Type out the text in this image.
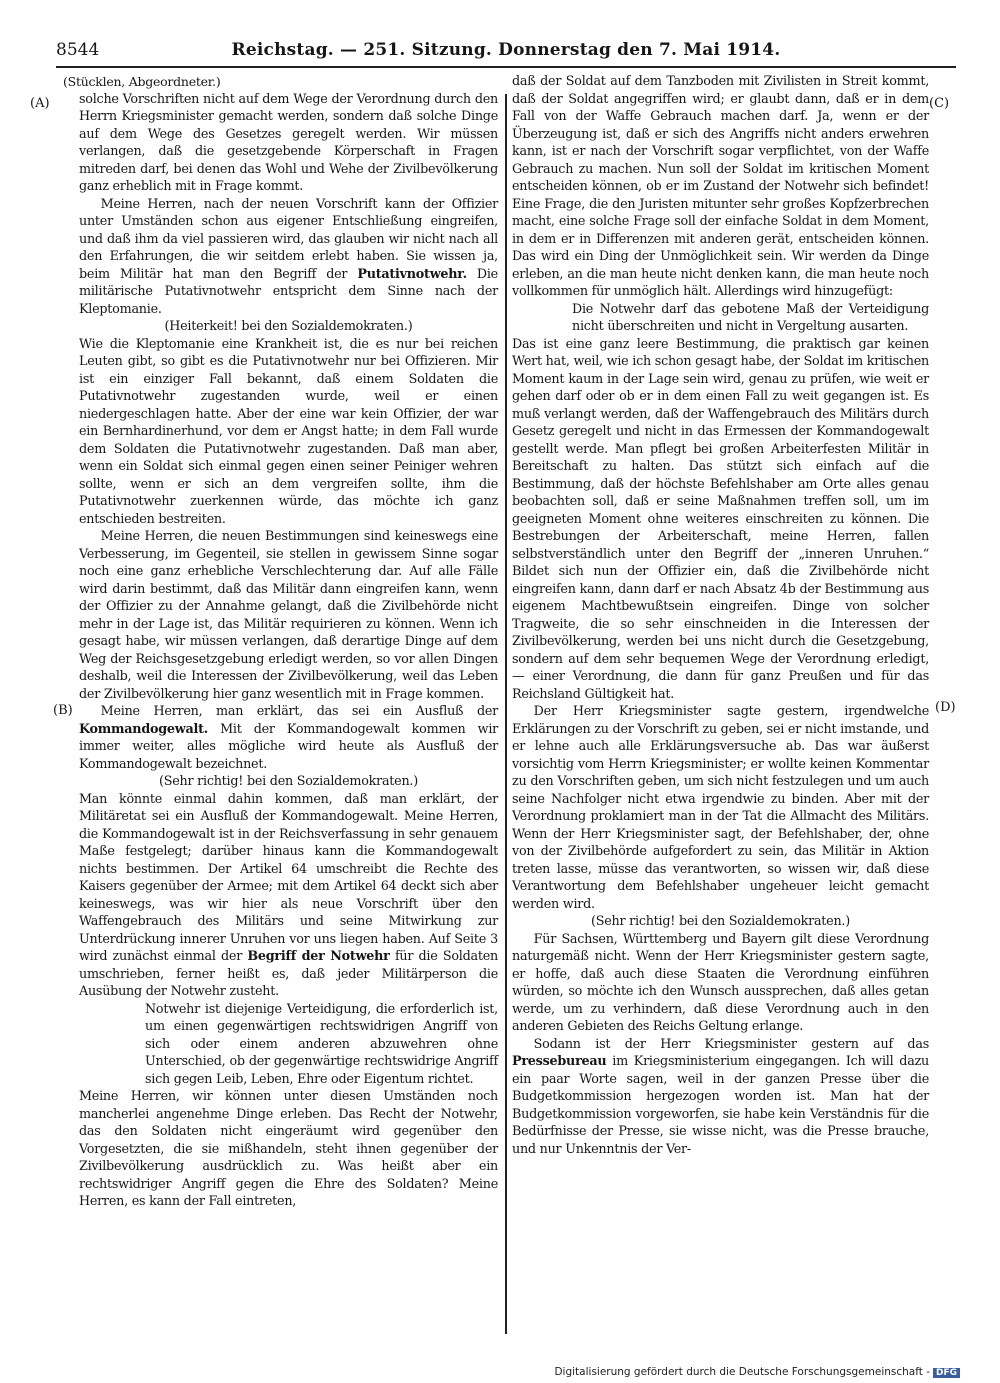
8544	Reichstag. — 251. Sitzung. Donnerstag den 7. Mai 1914.
(A)
(B)
(C)
(D)

(Stücklen, Abgeordneter.)

solche Vorschriften nicht auf dem Wege der Verordnung durch den Herrn Kriegsminister gemacht werden, sondern daß solche Dinge auf dem Wege des Gesetzes geregelt werden. Wir müssen verlangen, daß die gesetzgebende Körperschaft in Fragen mitreden darf, bei denen das Wohl und Wehe der Zivilbevölkerung ganz erheblich mit in Frage kommt.

Meine Herren, nach der neuen Vorschrift kann der Offizier unter Umständen schon aus eigener Entschließung eingreifen, und daß ihm da viel passieren wird, das glauben wir nicht nach all den Erfahrungen, die wir seitdem erlebt haben. Sie wissen ja, beim Militär hat man den Begriff der Putativnotwehr. Die militärische Putativnotwehr entspricht dem Sinne nach der Kleptomanie.

(Heiterkeit! bei den Sozialdemokraten.)

Wie die Kleptomanie eine Krankheit ist, die es nur bei reichen Leuten gibt, so gibt es die Putativnotwehr nur bei Offizieren. Mir ist ein einziger Fall bekannt, daß einem Soldaten die Putativnotwehr zugestanden wurde, weil er einen niedergeschlagen hatte. Aber der eine war kein Offizier, der war ein Bernhardinerhund, vor dem er Angst hatte; in dem Fall wurde dem Soldaten die Putativnotwehr zugestanden. Daß man aber, wenn ein Soldat sich einmal gegen einen seiner Peiniger wehren sollte, wenn er sich an dem vergreifen sollte, ihm die Putativnotwehr zuerkennen würde, das möchte ich ganz entschieden bestreiten.

Meine Herren, die neuen Bestimmungen sind keineswegs eine Verbesserung, im Gegenteil, sie stellen in gewissem Sinne sogar noch eine ganz erhebliche Verschlechterung dar. Auf alle Fälle wird darin bestimmt, daß das Militär dann eingreifen kann, wenn der Offizier zu der Annahme gelangt, daß die Zivilbehörde nicht mehr in der Lage ist, das Militär requirieren zu können. Wenn ich gesagt habe, wir müssen verlangen, daß derartige Dinge auf dem Weg der Reichsgesetzgebung erledigt werden, so vor allen Dingen deshalb, weil die Interessen der Zivilbevölkerung, weil das Leben der Zivilbevölkerung hier ganz wesentlich mit in Frage kommen.

Meine Herren, man erklärt, das sei ein Ausfluß der Kommandogewalt. Mit der Kommandogewalt kommen wir immer weiter, alles mögliche wird heute als Ausfluß der Kommandogewalt bezeichnet.

(Sehr richtig! bei den Sozialdemokraten.)

Man könnte einmal dahin kommen, daß man erklärt, der Militäretat sei ein Ausfluß der Kommandogewalt. Meine Herren, die Kommandogewalt ist in der Reichsverfassung in sehr genauem Maße festgelegt; darüber hinaus kann die Kommandogewalt nichts bestimmen. Der Artikel 64 umschreibt die Rechte des Kaisers gegenüber der Armee; mit dem Artikel 64 deckt sich aber keineswegs, was wir hier als neue Vorschrift über den Waffengebrauch des Militärs und seine Mitwirkung zur Unterdrückung innerer Unruhen vor uns liegen haben. Auf Seite 3 wird zunächst einmal der Begriff der Notwehr für die Soldaten umschrieben, ferner heißt es, daß jeder Militärperson die Ausübung der Notwehr zusteht.

Notwehr ist diejenige Verteidigung, die erforderlich ist, um einen gegenwärtigen rechtswidrigen Angriff von sich oder einem anderen abzuwehren ohne Unterschied, ob der gegenwärtige rechtswidrige Angriff sich gegen Leib, Leben, Ehre oder Eigentum richtet.

Meine Herren, wir können unter diesen Umständen noch mancherlei angenehme Dinge erleben. Das Recht der Notwehr, das den Soldaten nicht eingeräumt wird gegenüber den Vorgesetzten, die sie mißhandeln, steht ihnen gegenüber der Zivilbevölkerung ausdrücklich zu. Was heißt aber ein rechtswidriger Angriff gegen die Ehre des Soldaten? Meine Herren, es kann der Fall eintreten,

daß der Soldat auf dem Tanzboden mit Zivilisten in Streit kommt, daß der Soldat angegriffen wird; er glaubt dann, daß er in dem Fall von der Waffe Gebrauch machen darf. Ja, wenn er der Überzeugung ist, daß er sich des Angriffs nicht anders erwehren kann, ist er nach der Vorschrift sogar verpflichtet, von der Waffe Gebrauch zu machen. Nun soll der Soldat im kritischen Moment entscheiden können, ob er im Zustand der Notwehr sich befindet! Eine Frage, die den Juristen mitunter sehr großes Kopfzerbrechen macht, eine solche Frage soll der einfache Soldat in dem Moment, in dem er in Differenzen mit anderen gerät, entscheiden können. Das wird ein Ding der Unmöglichkeit sein. Wir werden da Dinge erleben, an die man heute nicht denken kann, die man heute noch vollkommen für unmöglich hält. Allerdings wird hinzugefügt:

Die Notwehr darf das gebotene Maß der Verteidigung nicht überschreiten und nicht in Vergeltung ausarten.

Das ist eine ganz leere Bestimmung, die praktisch gar keinen Wert hat, weil, wie ich schon gesagt habe, der Soldat im kritischen Moment kaum in der Lage sein wird, genau zu prüfen, wie weit er gehen darf oder ob er in dem einen Fall zu weit gegangen ist. Es muß verlangt werden, daß der Waffengebrauch des Militärs durch Gesetz geregelt und nicht in das Ermessen der Kommandogewalt gestellt werde. Man pflegt bei großen Arbeiterfesten Militär in Bereitschaft zu halten. Das stützt sich einfach auf die Bestimmung, daß der höchste Befehlshaber am Orte alles genau beobachten soll, daß er seine Maßnahmen treffen soll, um im geeigneten Moment ohne weiteres einschreiten zu können. Die Bestrebungen der Arbeiterschaft, meine Herren, fallen selbstverständlich unter den Begriff der „inneren Unruhen.“ Bildet sich nun der Offizier ein, daß die Zivilbehörde nicht eingreifen kann, dann darf er nach Absatz 4b der Bestimmung aus eigenem Machtbewußtsein eingreifen. Dinge von solcher Tragweite, die so sehr einschneiden in die Interessen der Zivilbevölkerung, werden bei uns nicht durch die Gesetzgebung, sondern auf dem sehr bequemen Wege der Verordnung erledigt, — einer Verordnung, die dann für ganz Preußen und für das Reichsland Gültigkeit hat.

Der Herr Kriegsminister sagte gestern, irgendwelche Erklärungen zu der Vorschrift zu geben, sei er nicht imstande, und er lehne auch alle Erklärungsversuche ab. Das war äußerst vorsichtig vom Herrn Kriegsminister; er wollte keinen Kommentar zu den Vorschriften geben, um sich nicht festzulegen und um auch seine Nachfolger nicht etwa irgendwie zu binden. Aber mit der Verordnung proklamiert man in der Tat die Allmacht des Militärs. Wenn der Herr Kriegsminister sagt, der Befehlshaber, der, ohne von der Zivilbehörde aufgefordert zu sein, das Militär in Aktion treten lasse, müsse das verantworten, so wissen wir, daß diese Verantwortung dem Befehlshaber ungeheuer leicht gemacht werden wird.

(Sehr richtig! bei den Sozialdemokraten.)

Für Sachsen, Württemberg und Bayern gilt diese Verordnung naturgemäß nicht. Wenn der Herr Kriegsminister gestern sagte, er hoffe, daß auch diese Staaten die Verordnung einführen würden, so möchte ich den Wunsch aussprechen, daß alles getan werde, um zu verhindern, daß diese Verordnung auch in den anderen Gebieten des Reichs Geltung erlange.

Sodann ist der Herr Kriegsminister gestern auf das Pressebureau im Kriegsministerium eingegangen. Ich will dazu ein paar Worte sagen, weil in der ganzen Presse über die Budgetkommission hergezogen worden ist. Man hat der Budgetkommission vorgeworfen, sie habe kein Verständnis für die Bedürfnisse der Presse, sie wisse nicht, was die Presse brauche, und nur Unkenntnis der Ver-

Digitalisierung gefördert durch die Deutsche Forschungsgemeinschaft - DFG
